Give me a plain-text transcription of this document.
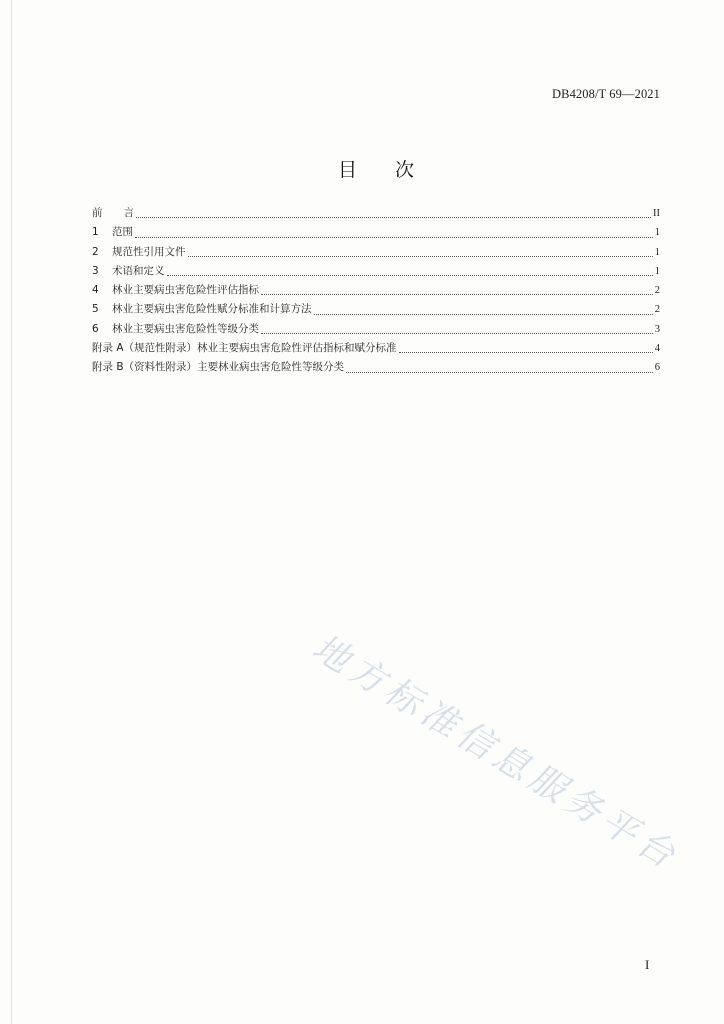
DB4208/T 69—2021
目　　次
前　　言	II
1	范围	1
2	规范性引用文件	1
3	术语和定义	1
4	林业主要病虫害危险性评估指标	2
5	林业主要病虫害危险性赋分标准和计算方法	2
6	林业主要病虫害危险性等级分类	3
附录 A（规范性附录）林业主要病虫害危险性评估指标和赋分标准	4
附录 B（资料性附录）主要林业病虫害危险性等级分类	6
地方标准信息服务平台
I
